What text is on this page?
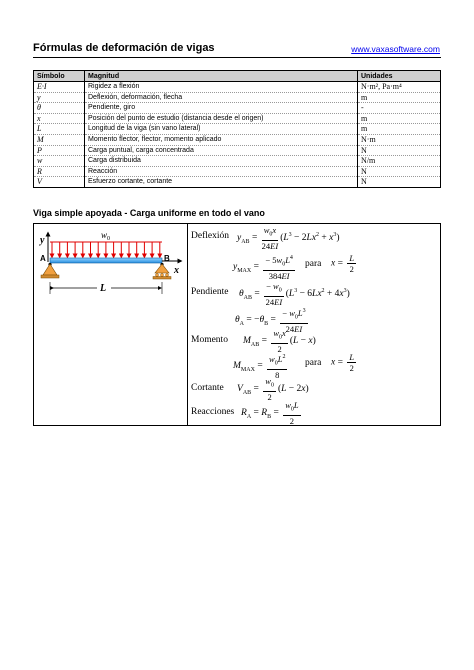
Fórmulas de deformación de vigas	www.vaxasoftware.com
Símbolo	Magnitud	Unidades
E·I	Rigidez a flexión	N·m², Pa·m⁴
y	Deflexión, deformación, flecha	m
θ	Pendiente, giro	-
x	Posición del punto de estudio (distancia desde el origen)	m
L	Longitud de la viga (sin vano lateral)	m
M	Momento flector, flector, momento aplicado	N·m
P	Carga puntual, carga concentrada	N
w	Carga distribuida	N/m
R	Reacción	N
V	Esfuerzo cortante, cortante	N
Viga simple apoyada - Carga uniforme en todo el vano
y	$w_0$
x
A	B
L
Deflexión $y_{AB} = \frac{w_0x}{24EI} (L^3 - 2Lx^2 + x^3)$
$y_{MAX} = \frac{- 5w_0L^4}{384EI}$ para $x = \frac{L}{2}$
Pendiente $\theta_{AB} = \frac{- w_0}{24EI} (L^3 - 6Lx^2 + 4x^3)$
$\theta_A = -\theta_B = \frac{- w_0L^3}{24EI}$
Momento $M_{AB} = \frac{w_0x}{2} (L - x)$
$M_{MAX} = \frac{w_0L^2}{8}$ para $x = \frac{L}{2}$
Cortante $V_{AB} = \frac{w_0}{2} (L - 2x)$
Reacciones $R_A = R_B = \frac{w_0L}{2}$
